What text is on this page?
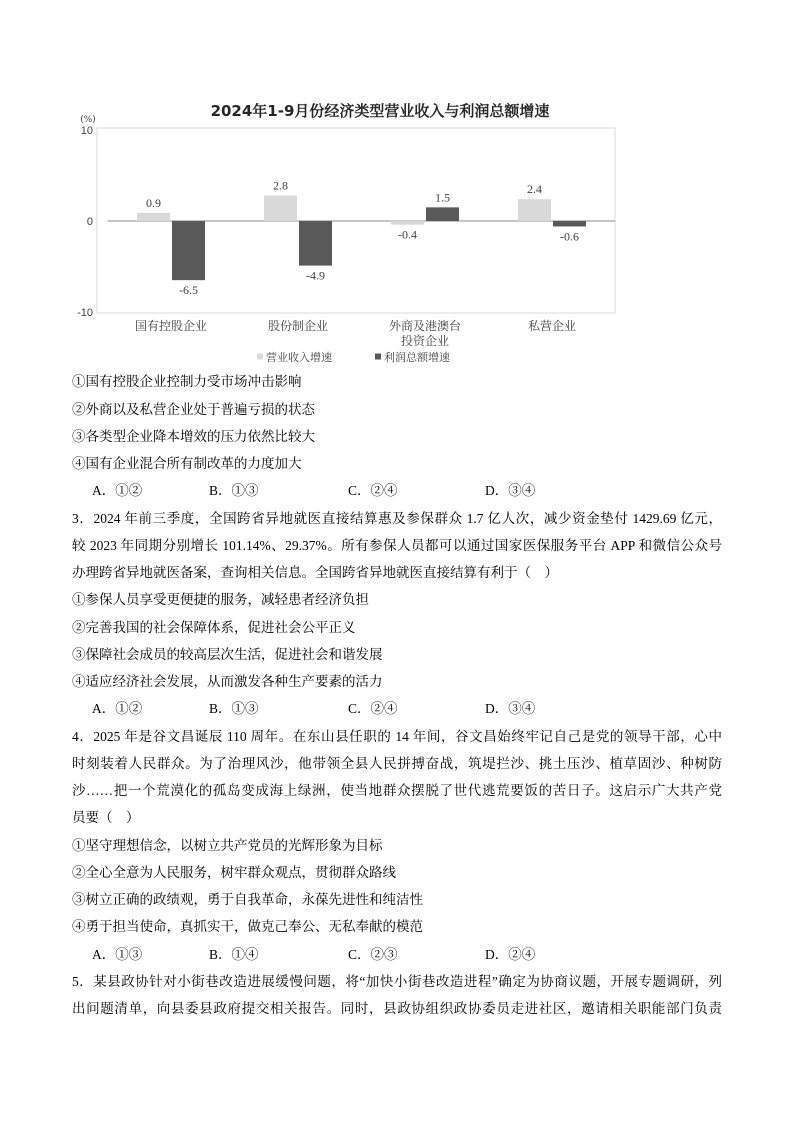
2024年1-9月份经济类型营业收入与利润总额增速
(%)
10
0
-10
0.9
2.8
-0.4
2.4
-6.5
-4.9
1.5
-0.6
营业收入增速	利润总额增速
国有控股企业	股份制企业	外商及港澳台投资企业
私营企业
①国有控股企业控制力受市场冲击影响
②外商以及私营企业处于普遍亏损的状态
③各类型企业降本增效的压力依然比较大
④国有企业混合所有制改革的力度加大
A．①②	B．①③	C．②④	D．③④
3．2024 年前三季度，全国跨省异地就医直接结算惠及参保群众 1.7 亿人次，减少资金垫付 1429.69 亿元，
较 2023 年同期分别增长 101.14%、29.37%。所有参保人员都可以通过国家医保服务平台 APP 和微信公众号
办理跨省异地就医备案，查询相关信息。全国跨省异地就医直接结算有利于（　）
①参保人员享受更便捷的服务，减轻患者经济负担
②完善我国的社会保障体系，促进社会公平正义
③保障社会成员的较高层次生活，促进社会和谐发展
④适应经济社会发展，从而激发各种生产要素的活力
A．①②	B．①③	C．②④	D．③④
4．2025 年是谷文昌诞辰 110 周年。在东山县任职的 14 年间，谷文昌始终牢记自己是党的领导干部，心中
时刻装着人民群众。为了治理风沙，他带领全县人民拼搏奋战，筑堤拦沙、挑土压沙、植草固沙、种树防
沙……把一个荒漠化的孤岛变成海上绿洲，使当地群众摆脱了世代逃荒要饭的苦日子。这启示广大共产党
员要（　）
①坚守理想信念，以树立共产党员的光辉形象为目标
②全心全意为人民服务，树牢群众观点，贯彻群众路线
③树立正确的政绩观，勇于自我革命，永葆先进性和纯洁性
④勇于担当使命，真抓实干，做克己奉公、无私奉献的模范
A．①③	B．①④	C．②③	D．②④
5．某县政协针对小街巷改造进展缓慢问题，将“加快小街巷改造进程”确定为协商议题，开展专题调研，列
出问题清单，向县委县政府提交相关报告。同时，县政协组织政协委员走进社区，邀请相关职能部门负责
